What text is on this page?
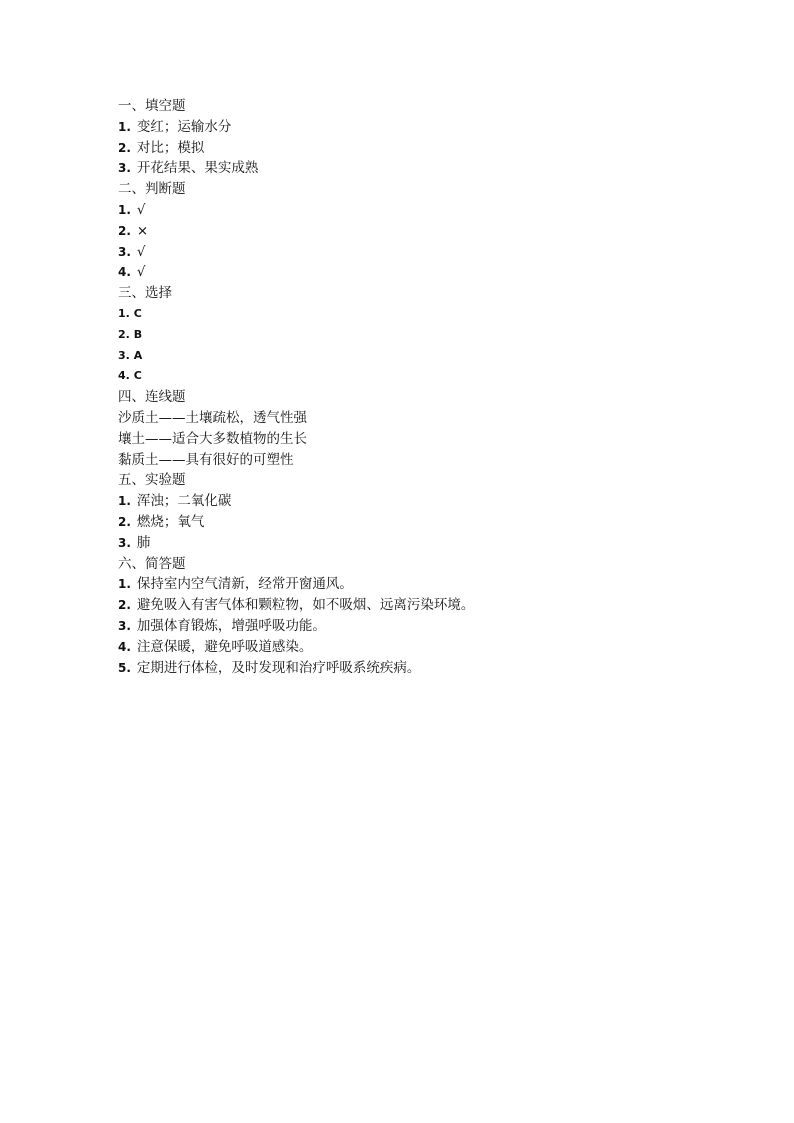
一、填空题
1. 变红；运输水分
2. 对比；模拟
3. 开花结果、果实成熟
二、判断题
1. √
2. ×
3. √
4. √
三、选择
1. C
2. B
3. A
4. C
四、连线题
沙质土——土壤疏松，透气性强
壤土——适合大多数植物的生长
黏质土——具有很好的可塑性
五、实验题
1. 浑浊；二氧化碳
2. 燃烧；氧气
3. 肺
六、简答题
1. 保持室内空气清新，经常开窗通风。
2. 避免吸入有害气体和颗粒物，如不吸烟、远离污染环境。
3. 加强体育锻炼，增强呼吸功能。
4. 注意保暖，避免呼吸道感染。
5. 定期进行体检，及时发现和治疗呼吸系统疾病。
